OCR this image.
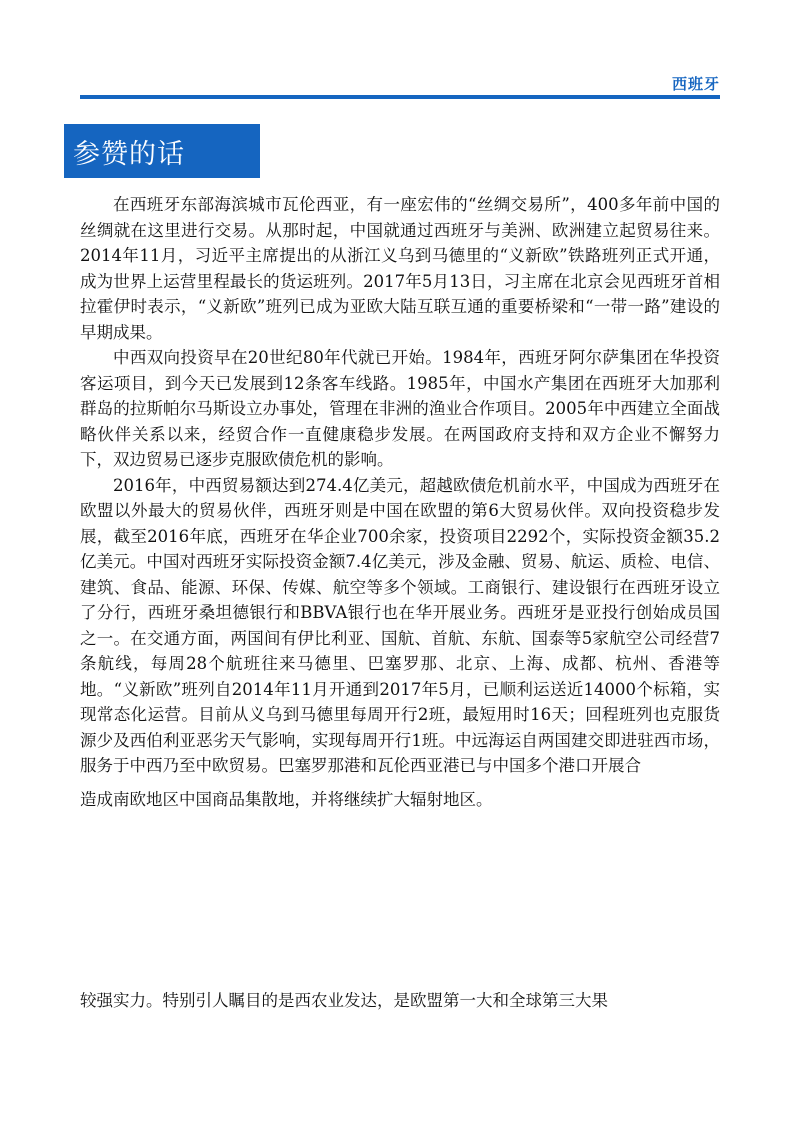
西班牙
参赞的话

在西班牙东部海滨城市瓦伦西亚，有一座宏伟的“丝绸交易所”，400多年前中国的丝绸就在这里进行交易。从那时起，中国就通过西班牙与美洲、欧洲建立起贸易往来。2014年11月，习近平主席提出的从浙江义乌到马德里的“义新欧”铁路班列正式开通，成为世界上运营里程最长的货运班列。2017年5月13日，习主席在北京会见西班牙首相拉霍伊时表示，“义新欧”班列已成为亚欧大陆互联互通的重要桥梁和“一带一路”建设的早期成果。

中西双向投资早在20世纪80年代就已开始。1984年，西班牙阿尔萨集团在华投资客运项目，到今天已发展到12条客车线路。1985年，中国水产集团在西班牙大加那利群岛的拉斯帕尔马斯设立办事处，管理在非洲的渔业合作项目。2005年中西建立全面战略伙伴关系以来，经贸合作一直健康稳步发展。在两国政府支持和双方企业不懈努力下，双边贸易已逐步克服欧债危机的影响。

2016年，中西贸易额达到274.4亿美元，超越欧债危机前水平，中国成为西班牙在欧盟以外最大的贸易伙伴，西班牙则是中国在欧盟的第6大贸易伙伴。双向投资稳步发展，截至2016年底，西班牙在华企业700余家，投资项目2292个，实际投资金额35.2亿美元。中国对西班牙实际投资金额7.4亿美元，涉及金融、贸易、航运、质检、电信、建筑、食品、能源、环保、传媒、航空等多个领域。工商银行、建设银行在西班牙设立了分行，西班牙桑坦德银行和BBVA银行也在华开展业务。西班牙是亚投行创始成员国之一。在交通方面，两国间有伊比利亚、国航、首航、东航、国泰等5家航空公司经营7条航线，每周28个航班往来马德里、巴塞罗那、北京、上海、成都、杭州、香港等地。“义新欧”班列自2014年11月开通到2017年5月，已顺利运送近14000个标箱，实现常态化运营。目前从义乌到马德里每周开行2班，最短用时16天；回程班列也克服货源少及西伯利亚恶劣天气影响，实现每周开行1班。中远海运自两国建交即进驻西市场，服务于中西乃至中欧贸易。巴塞罗那港和瓦伦西亚港已与中国多个港口开展合

造成南欧地区中国商品集散地，并将继续扩大辐射地区。
较强实力。特别引人瞩目的是西农业发达，是欧盟第一大和全球第三大果
